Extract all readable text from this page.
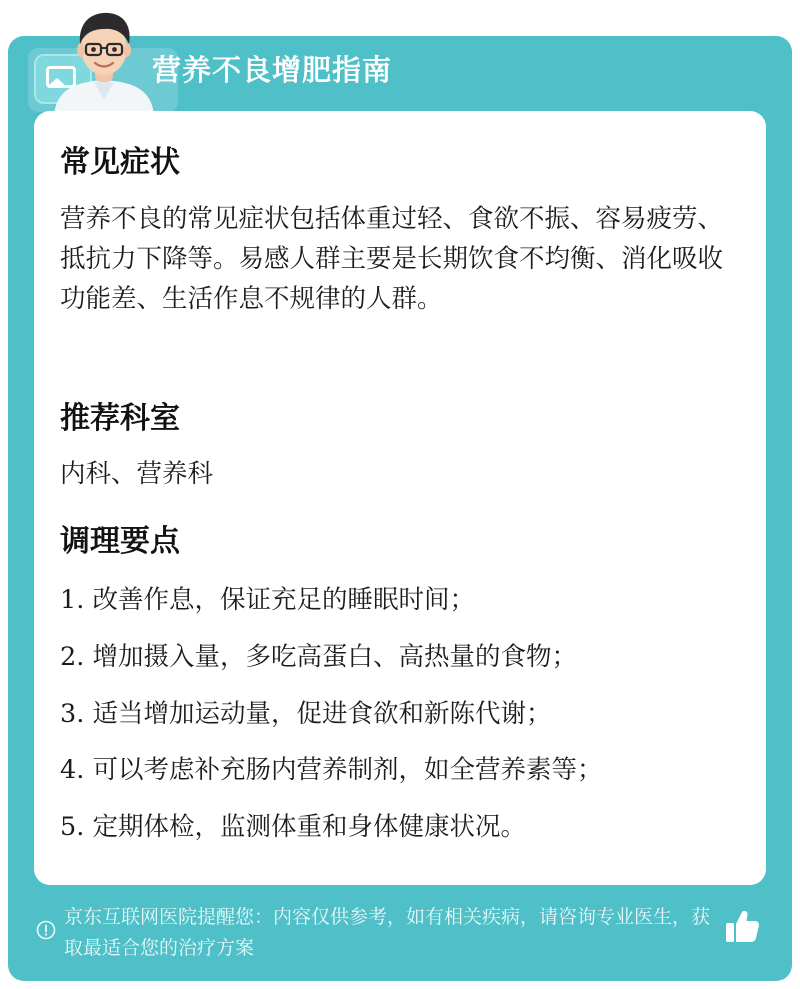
营养不良增肥指南
常见症状
营养不良的常见症状包括体重过轻、食欲不振、容易疲劳、抵抗力下降等。易感人群主要是长期饮食不均衡、消化吸收功能差、生活作息不规律的人群。
推荐科室
内科、营养科
调理要点
1. 改善作息，保证充足的睡眠时间；
2. 增加摄入量，多吃高蛋白、高热量的食物；
3. 适当增加运动量，促进食欲和新陈代谢；
4. 可以考虑补充肠内营养制剂，如全营养素等；
5. 定期体检，监测体重和身体健康状况。
京东互联网医院提醒您：内容仅供参考，如有相关疾病，请咨询专业医生，获取最适合您的治疗方案
